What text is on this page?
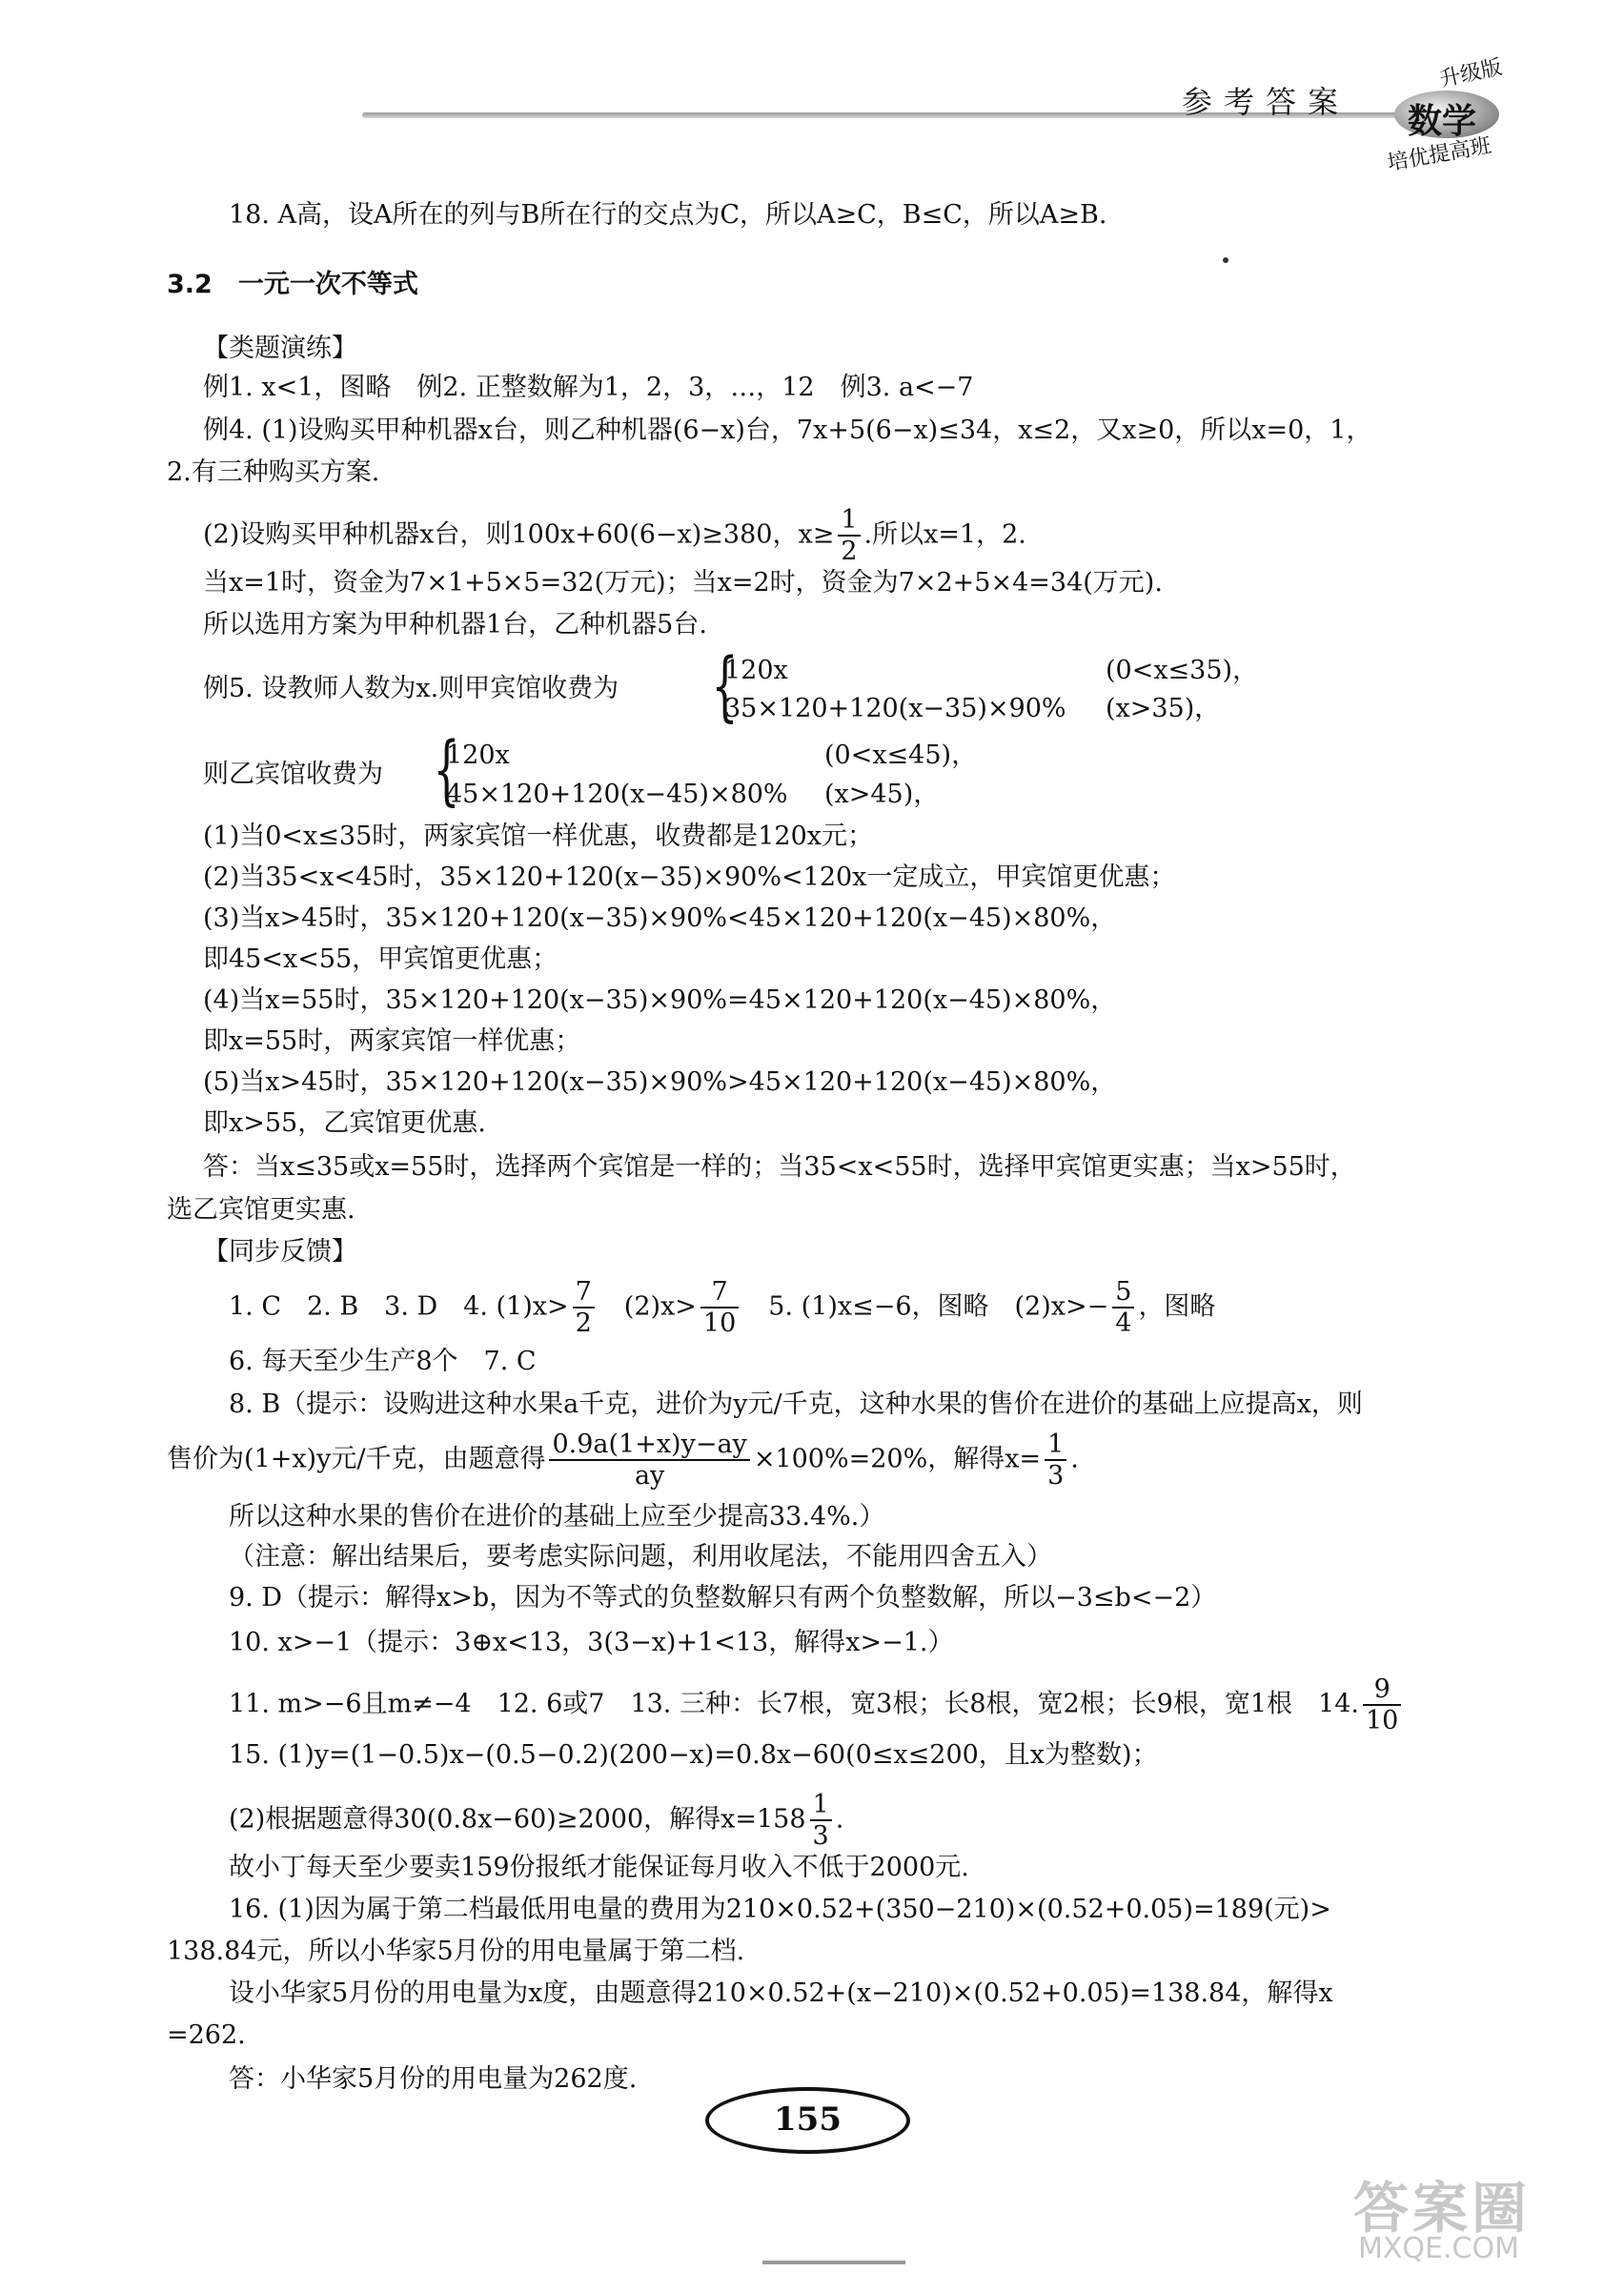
参考答案
升级版
数学
培优提高班
18. A高，设A所在的列与B所在行的交点为C，所以A≥C，B≤C，所以A≥B.
3.2　一元一次不等式
【类题演练】
例1. x<1，图略　例2. 正整数解为1，2，3，…，12　例3. a<−7
例4. (1)设购买甲种机器x台，则乙种机器(6−x)台，7x+5(6−x)≤34，x≤2，又x≥0，所以x=0，1，
2.有三种购买方案.
(2)设购买甲种机器x台，则100x+60(6−x)≥380，$x\ge \frac{1}{2}$ .所以x=1，2.
当x=1时，资金为7×1+5×5=32(万元)；当x=2时，资金为7×2+5×4=34(万元).
所以选用方案为甲种机器1台，乙种机器5台.
例5. 设教师人数为x.则甲宾馆收费为 {
120x	(0<x≤35)，
35×120+120(x−35)×90% (x>35)，
则乙宾馆收费为 {
120x	(0<x≤45)，
45×120+120(x−45)×80% (x>45)，
(1)当0<x≤35时，两家宾馆一样优惠，收费都是120x元；
(2)当35<x<45时，35×120+120(x−35)×90%<120x一定成立，甲宾馆更优惠；
(3)当x>45时，35×120+120(x−35)×90%<45×120+120(x−45)×80%，
即45<x<55，甲宾馆更优惠；
(4)当x=55时，35×120+120(x−35)×90%=45×120+120(x−45)×80%，
即x=55时，两家宾馆一样优惠；
(5)当x>45时，35×120+120(x−35)×90%>45×120+120(x−45)×80%，
即x>55，乙宾馆更优惠.
答：当x≤35或x=55时，选择两个宾馆是一样的；当35<x<55时，选择甲宾馆更实惠；当x>55时，
选乙宾馆更实惠.
【同步反馈】
1. C　2. B　3. D　4. $(1)x> \frac{7}{2}$ 　$(2)x> \frac{7}{10}$ 　5. (1)x≤−6，图略　$(2)x>- \frac{5}{4}$ ，图略
6. 每天至少生产8个　7. C
8. B（提示：设购进这种水果a千克，进价为y元/千克，这种水果的售价在进价的基础上应提高x，则
售价为(1+x)y元/千克，由题意得 $\frac{0.9a(1+x)y-ay}{ay} \times 100\%=20\%$，解得$x= \frac{1}{3}$ .
所以这种水果的售价在进价的基础上应至少提高33.4%.）
（注意：解出结果后，要考虑实际问题，利用收尾法，不能用四舍五入）
9. D（提示：解得x>b，因为不等式的负整数解只有两个负整数解，所以−3≤b<−2）
10. x>−1（提示：3⊕x<13，3(3−x)+1<13，解得x>−1.）
11. m>−6且m≠−4　12. 6或7　13. 三种：长7根，宽3根；长8根，宽2根；长9根，宽1根　14. $\frac{9}{10}$
15. (1)y=(1−0.5)x−(0.5−0.2)(200−x)=0.8x−60(0≤x≤200，且x为整数)；
(2)根据题意得30(0.8x−60)≥2000，解得$x=158 \frac{1}{3}$ .
故小丁每天至少要卖159份报纸才能保证每月收入不低于2000元.
16. (1)因为属于第二档最低用电量的费用为210×0.52+(350−210)×(0.52+0.05)=189(元)>
138.84元，所以小华家5月份的用电量属于第二档.
设小华家5月份的用电量为x度，由题意得210×0.52+(x−210)×(0.52+0.05)=138.84，解得x
=262.
答：小华家5月份的用电量为262度.
155
答案圈
MXQE.COM
